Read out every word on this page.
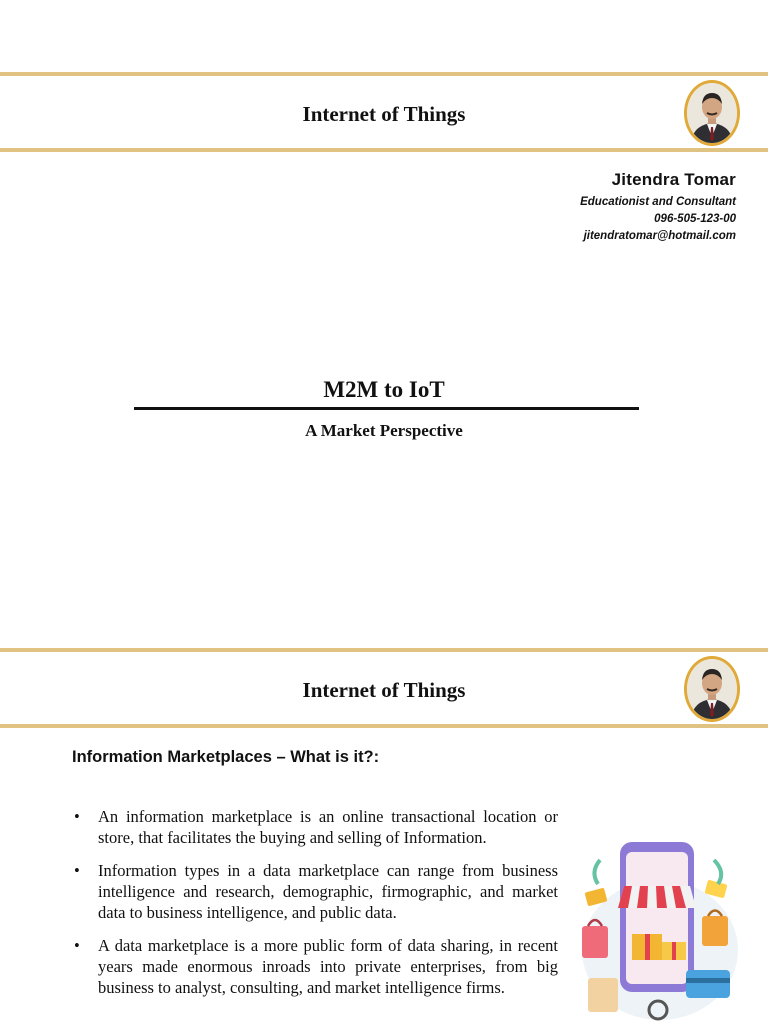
Internet of Things
Jitendra Tomar
Educationist and Consultant
096-505-123-00
jitendratomar@hotmail.com
M2M to IoT
A Market Perspective
Internet of Things
Information Marketplaces – What is it?:
• An information marketplace is an online transactional location or store, that facilitates the buying and selling of Information.
• Information types in a data marketplace can range from business intelligence and research, demographic, firmographic, and market data to business intelligence, and public data.
• A data marketplace is a more public form of data sharing, in recent years made enormous inroads into private enterprises, from big business to analyst, consulting, and market intelligence firms.
